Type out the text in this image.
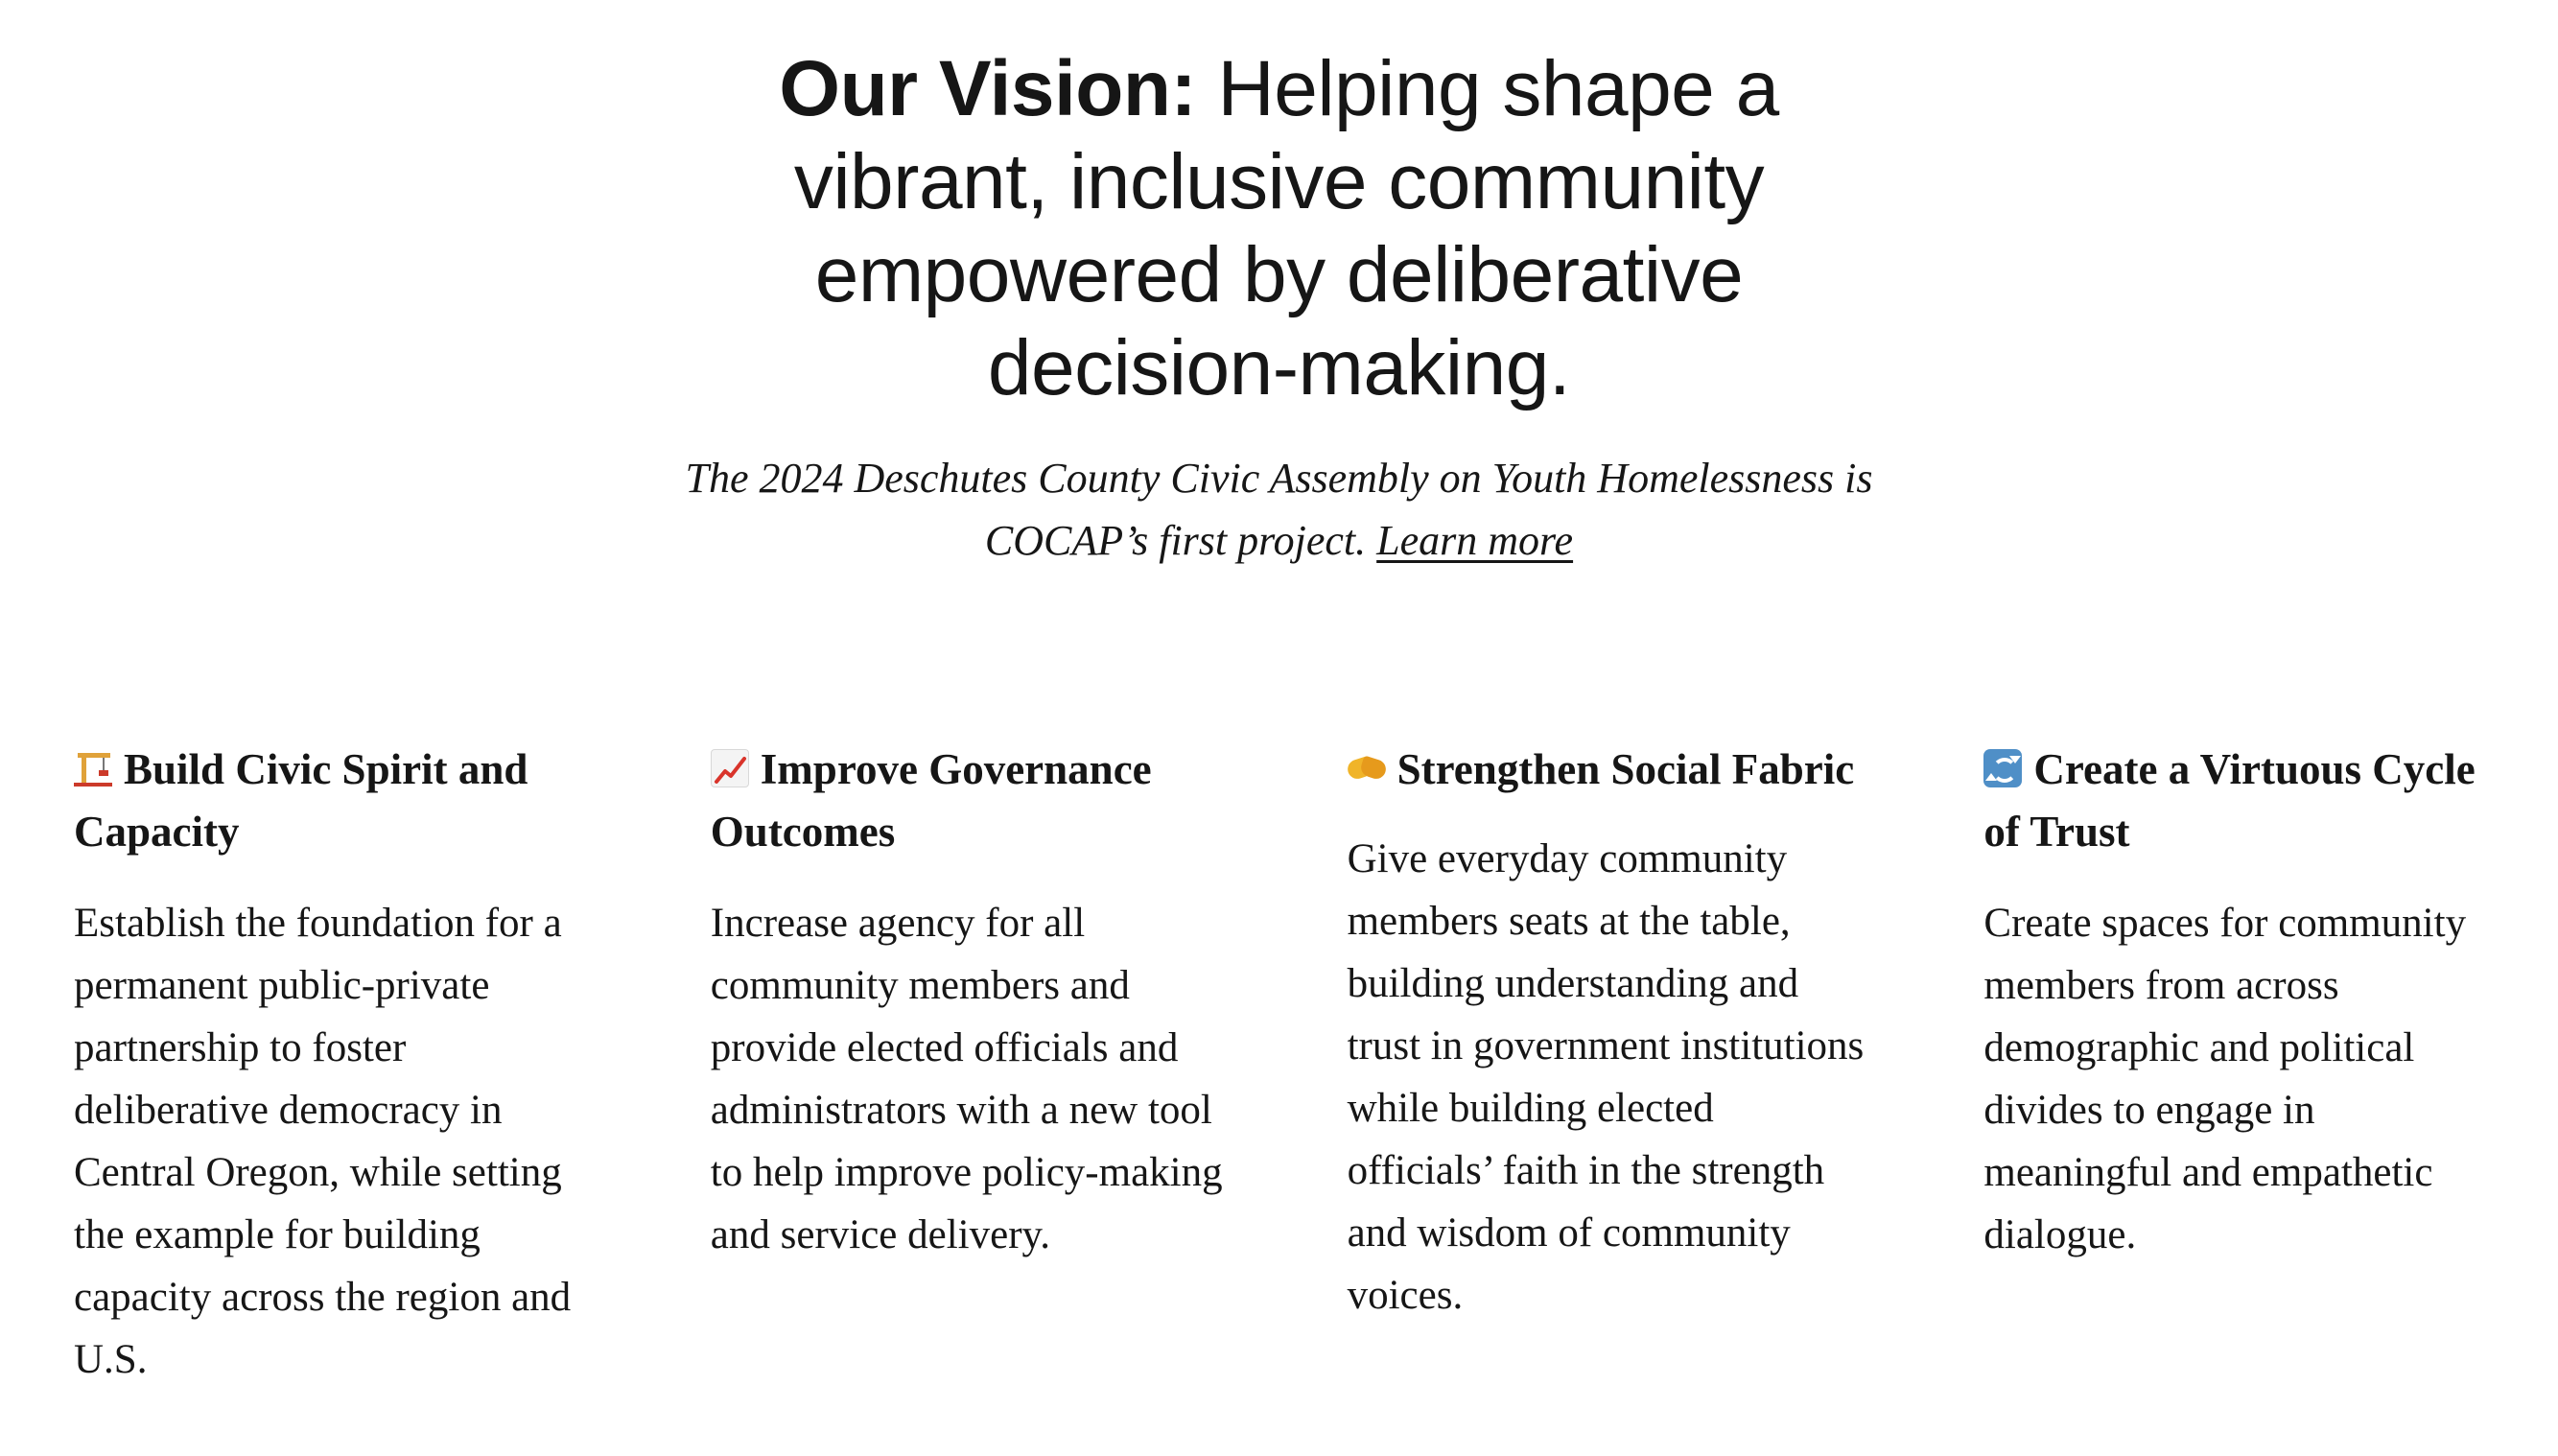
Our Vision: Helping shape a vibrant, inclusive community empowered by deliberative decision-making.

The 2024 Deschutes County Civic Assembly on Youth Homelessness is COCAP’s first project. Learn more

Build Civic Spirit and Capacity

Establish the foundation for a permanent public-private partnership to foster deliberative democracy in Central Oregon, while setting the example for building capacity across the region and U.S.

Improve Governance Outcomes

Increase agency for all community members and provide elected officials and administrators with a new tool to help improve policy-making and service delivery.

Strengthen Social Fabric

Give everyday community members seats at the table, building understanding and trust in government institutions while building elected officials’ faith in the strength and wisdom of community voices.

Create a Virtuous Cycle of Trust

Create spaces for community members from across demographic and political divides to engage in meaningful and empathetic dialogue.
